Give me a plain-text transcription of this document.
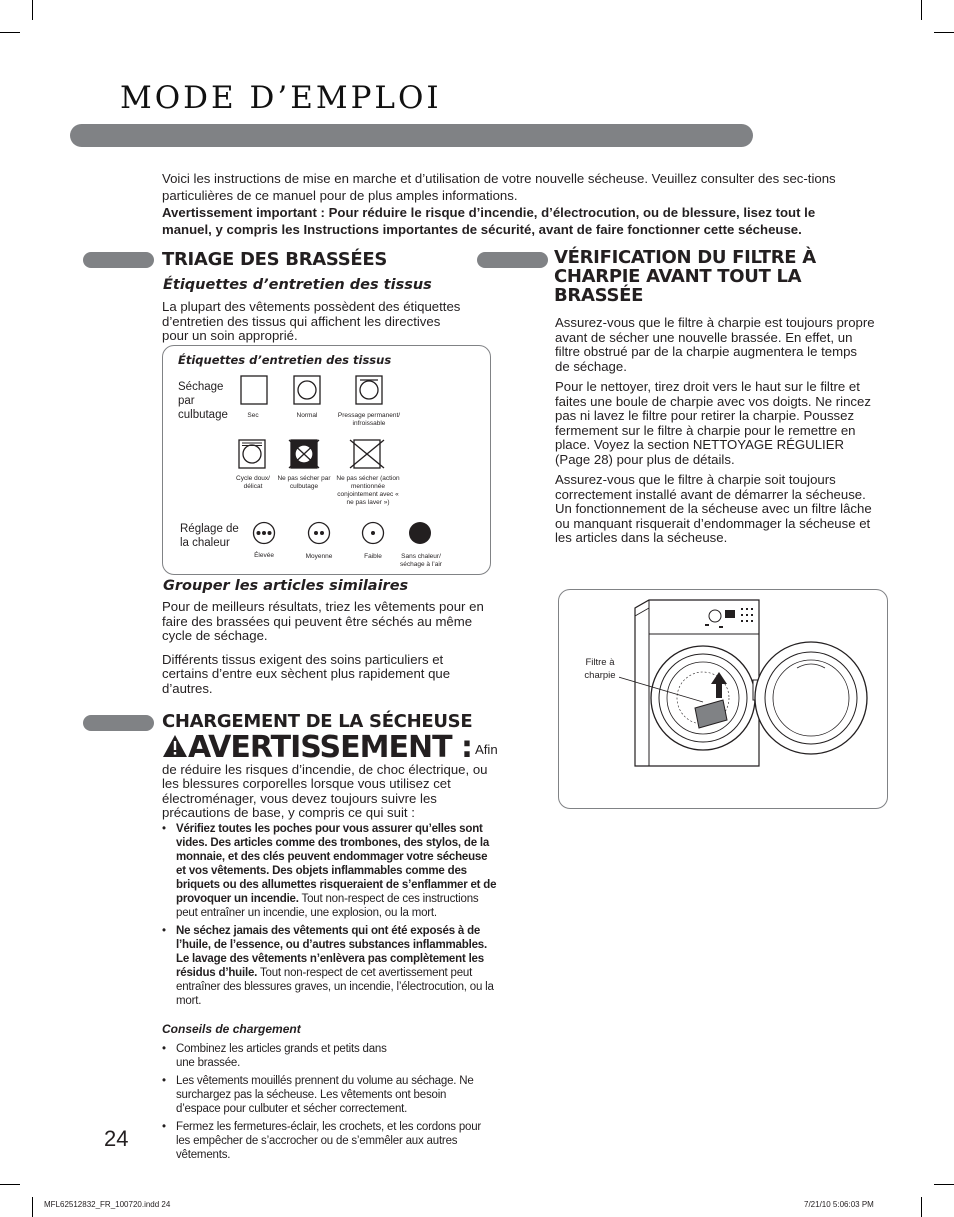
MODE D’EMPLOI
Voici les instructions de mise en marche et d’utilisation de votre nouvelle sécheuse. Veuillez consulter des sec-tions particulières de ce manuel pour de plus amples informations.
Avertissement important : Pour réduire le risque d’incendie, d’électrocution, ou de blessure, lisez tout le manuel, y compris les Instructions importantes de sécurité, avant de faire fonctionner cette sécheuse.
TRIAGE DES BRASSÉES
Étiquettes d’entretien des tissus

La plupart des vêtements possèdent des étiquettes d’entretien des tissus qui affichent les directives pour un soin approprié.

Étiquettes d’entretien des tissus

Séchage par culbutage
Réglage de la chaleur
Sec	Normal	Pressage permanent/ infroissable
Cycle doux/ délicat
Ne pas sécher par culbutage
Ne pas sécher (action mentionnée conjointement avec « ne pas laver »)
Élevée	Moyenne	Faible	Sans chaleur/ séchage à l’air
Grouper les articles similaires

Pour de meilleurs résultats, triez les vêtements pour en faire des brassées qui peuvent être séchés au même cycle de séchage.

Différents tissus exigent des soins particuliers et certains d’entre eux sèchent plus rapidement que d’autres.

CHARGEMENT DE LA SÉCHEUSE

AVERTISSEMENT : Afin
de réduire les risques d’incendie, de choc électrique, ou les blessures corporelles lorsque vous utilisez cet électroménager, vous devez toujours suivre les précautions de base, y compris ce qui suit :

• Vérifiez toutes les poches pour vous assurer qu’elles sont vides. Des articles comme des trombones, des stylos, de la monnaie, et des clés peuvent endommager votre sécheuse et vos vêtements. Des objets inflammables comme des briquets ou des allumettes risqueraient de s’enflammer et de provoquer un incendie. Tout non-respect de ces instructions peut entraîner un incendie, une explosion, ou la mort.
• Ne séchez jamais des vêtements qui ont été exposés à de l’huile, de l’essence, ou d’autres substances inflammables. Le lavage des vêtements n’enlèvera pas complètement les résidus d’huile. Tout non-respect de cet avertissement peut entraîner des blessures graves, un incendie, l’électrocution, ou la mort.

Conseils de chargement

• Combinez les articles grands et petits dans une brassée.
• Les vêtements mouillés prennent du volume au séchage. Ne surchargez pas la sécheuse. Les vêtements ont besoin d’espace pour culbuter et sécher correctement.
• Fermez les fermetures-éclair, les crochets, et les cordons pour les empêcher de s’accrocher ou de s’emmêler aux autres vêtements.
VÉRIFICATION DU FILTRE À
CHARPIE AVANT TOUT LA
BRASSÉE

Assurez-vous que le filtre à charpie est toujours propre avant de sécher une nouvelle brassée. En effet, un filtre obstrué par de la charpie augmentera le temps de séchage.

Pour le nettoyer, tirez droit vers le haut sur le filtre et faites une boule de charpie avec vos doigts. Ne rincez pas ni lavez le filtre pour retirer la charpie. Poussez fermement sur le filtre à charpie pour le remettre en place. Voyez la section NETTOYAGE RÉGULIER (Page 28) pour plus de détails.

Assurez-vous que le filtre à charpie soit toujours correctement installé avant de démarrer la sécheuse. Un fonctionnement de la sécheuse avec un filtre lâche ou manquant risquerait d’endommager la sécheuse et les articles dans la sécheuse.

Filtre à charpie

24

MFL62512832_FR_100720.indd 24	7/21/10 5:06:03 PM
